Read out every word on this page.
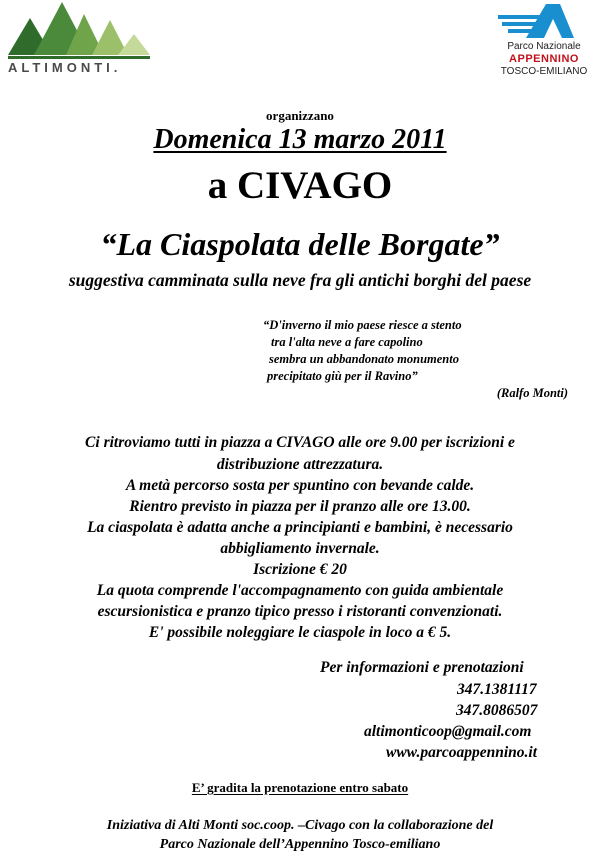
ALTIMONTI.
Parco Nazionale
APPENNINO
TOSCO-EMILIANO
organizzano
Domenica 13 marzo 2011
a CIVAGO
“La Ciaspolata delle Borgate”
suggestiva camminata sulla neve fra gli antichi borghi del paese
“D'inverno il mio paese riesce a stento
tra l'alta neve a fare capolino
sembra un abbandonato monumento
precipitato giù per il Ravino”
(Ralfo Monti)
Ci ritroviamo tutti in piazza a CIVAGO alle ore 9.00 per iscrizioni e
distribuzione attrezzatura.
A metà percorso sosta per spuntino con bevande calde.
Rientro previsto in piazza per il pranzo alle ore 13.00.
La ciaspolata è adatta anche a principianti e bambini, è necessario
abbigliamento invernale.
Iscrizione € 20
La quota comprende l'accompagnamento con guida ambientale
escursionistica e pranzo tipico presso i ristoranti convenzionati.
E' possibile noleggiare le ciaspole in loco a € 5.
Per informazioni e prenotazioni
347.1381117
347.8086507
altimonticoop@gmail.com
www.parcoappennino.it
E’ gradita la prenotazione entro sabato
Iniziativa di Alti Monti soc.coop. –Civago con la collaborazione del
Parco Nazionale dell’Appennino Tosco-emiliano
